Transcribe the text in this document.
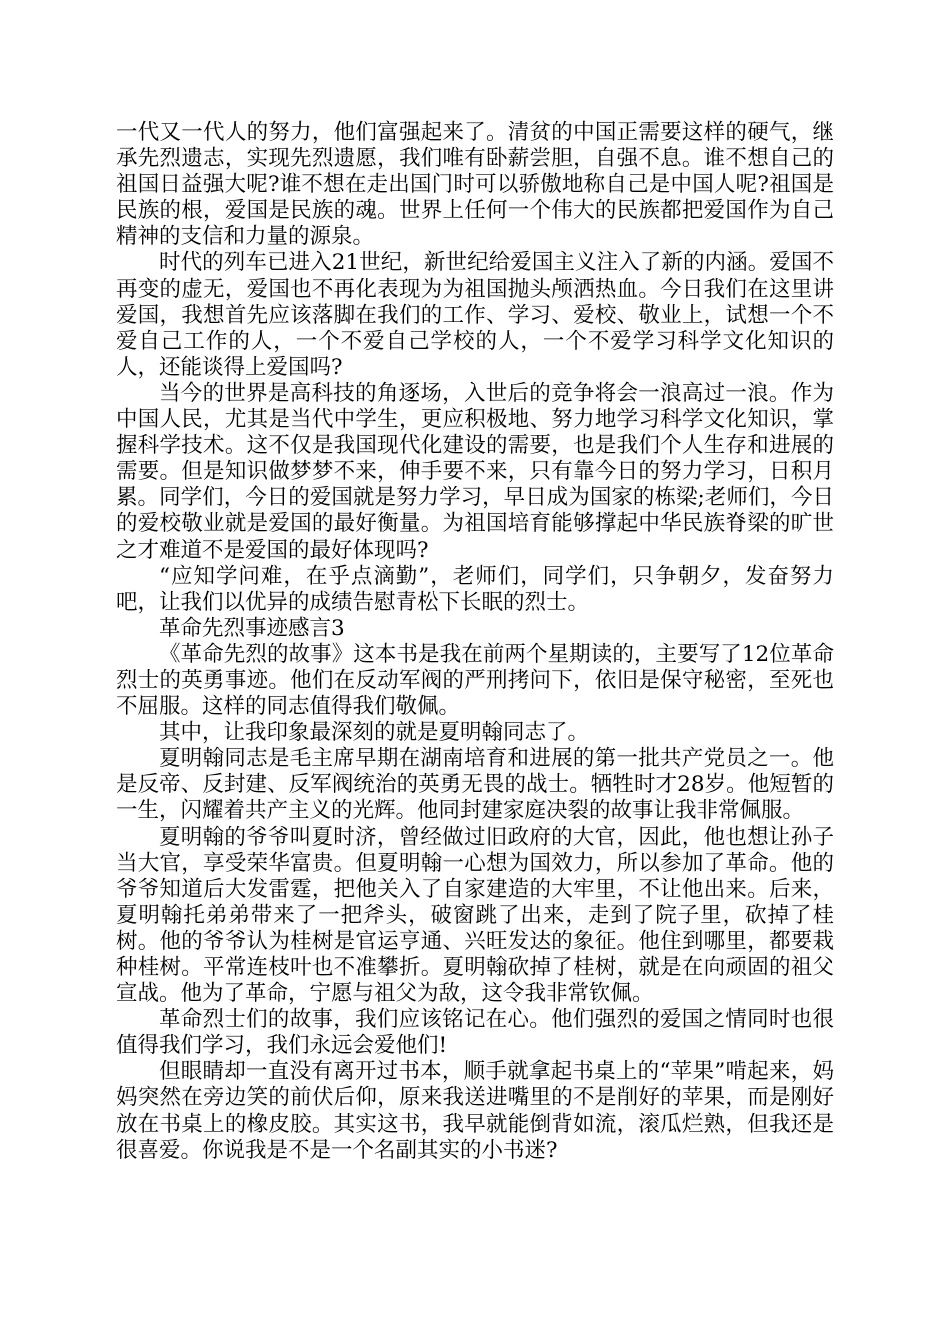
一代又一代人的努力，他们富强起来了。清贫的中国正需要这样的硬气，继承先烈遗志，实现先烈遗愿，我们唯有卧薪尝胆，自强不息。谁不想自己的祖国日益强大呢?谁不想在走出国门时可以骄傲地称自己是中国人呢?祖国是民族的根，爱国是民族的魂。世界上任何一个伟大的民族都把爱国作为自己精神的支信和力量的源泉。

时代的列车已进入21世纪，新世纪给爱国主义注入了新的内涵。爱国不再变的虚无，爱国也不再化表现为为祖国抛头颅洒热血。今日我们在这里讲爱国，我想首先应该落脚在我们的工作、学习、爱校、敬业上，试想一个不爱自己工作的人，一个不爱自己学校的人，一个不爱学习科学文化知识的人，还能谈得上爱国吗?

当今的世界是高科技的角逐场，入世后的竞争将会一浪高过一浪。作为中国人民，尤其是当代中学生，更应积极地、努力地学习科学文化知识，掌握科学技术。这不仅是我国现代化建设的需要，也是我们个人生存和进展的需要。但是知识做梦梦不来，伸手要不来，只有靠今日的努力学习，日积月累。同学们，今日的爱国就是努力学习，早日成为国家的栋梁;老师们，今日的爱校敬业就是爱国的最好衡量。为祖国培育能够撑起中华民族脊梁的旷世之才难道不是爱国的最好体现吗?

“应知学问难，在乎点滴勤”，老师们，同学们，只争朝夕，发奋努力吧，让我们以优异的成绩告慰青松下长眠的烈士。

革命先烈事迹感言3

《革命先烈的故事》这本书是我在前两个星期读的，主要写了12位革命烈士的英勇事迹。他们在反动军阀的严刑拷问下，依旧是保守秘密，至死也不屈服。这样的同志值得我们敬佩。

其中，让我印象最深刻的就是夏明翰同志了。

夏明翰同志是毛主席早期在湖南培育和进展的第一批共产党员之一。他是反帝、反封建、反军阀统治的英勇无畏的战士。牺牲时才28岁。他短暂的一生，闪耀着共产主义的光辉。他同封建家庭决裂的故事让我非常佩服。

夏明翰的爷爷叫夏时济，曾经做过旧政府的大官，因此，他也想让孙子当大官，享受荣华富贵。但夏明翰一心想为国效力，所以参加了革命。他的爷爷知道后大发雷霆，把他关入了自家建造的大牢里，不让他出来。后来，夏明翰托弟弟带来了一把斧头，破窗跳了出来，走到了院子里，砍掉了桂树。他的爷爷认为桂树是官运亨通、兴旺发达的象征。他住到哪里，都要栽种桂树。平常连枝叶也不准攀折。夏明翰砍掉了桂树，就是在向顽固的祖父宣战。他为了革命，宁愿与祖父为敌，这令我非常钦佩。

革命烈士们的故事，我们应该铭记在心。他们强烈的爱国之情同时也很值得我们学习，我们永远会爱他们!

但眼睛却一直没有离开过书本，顺手就拿起书桌上的“苹果”啃起来，妈妈突然在旁边笑的前伏后仰，原来我送进嘴里的不是削好的苹果，而是刚好放在书桌上的橡皮胶。其实这书，我早就能倒背如流，滚瓜烂熟，但我还是很喜爱。你说我是不是一个名副其实的小书迷?
